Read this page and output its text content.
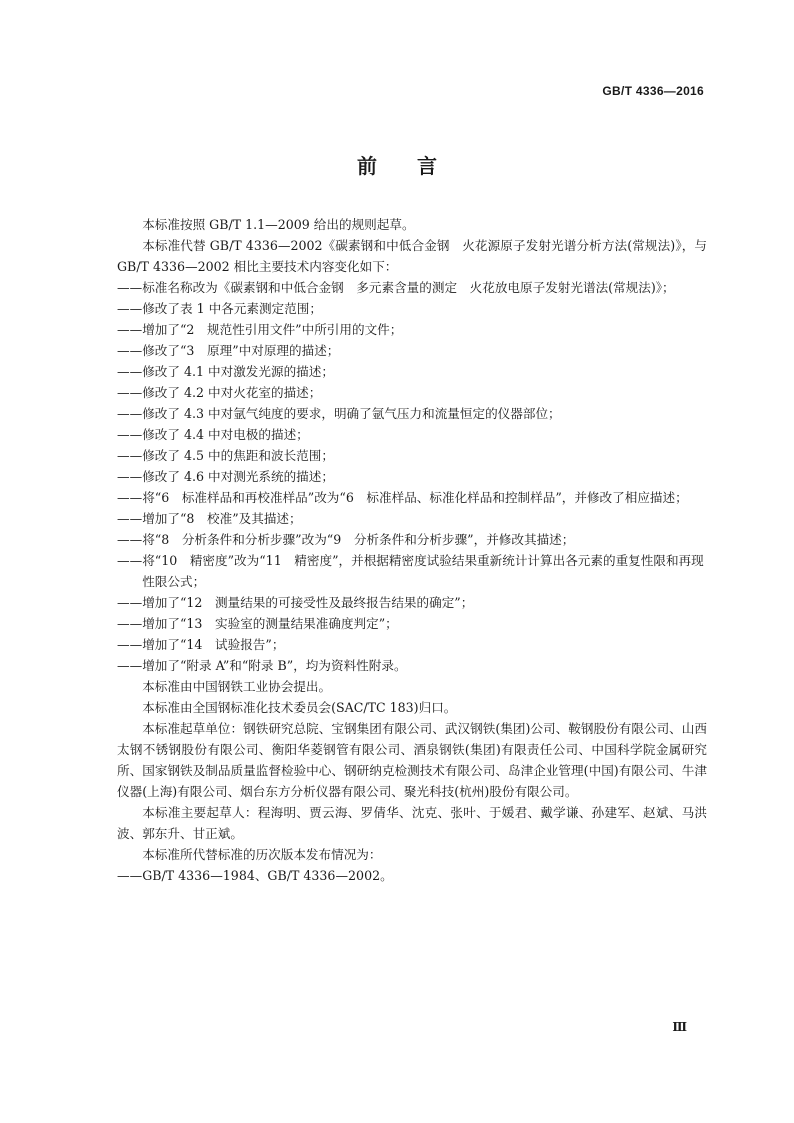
GB/T 4336—2016
前言

本标准按照 GB/T 1.1—2009 给出的规则起草。

本标准代替 GB/T 4336—2002《碳素钢和中低合金钢　火花源原子发射光谱分析方法(常规法)》，与 GB/T 4336—2002 相比主要技术内容变化如下：

—— 标准名称改为《碳素钢和中低合金钢　多元素含量的测定　火花放电原子发射光谱法(常规法)》；

—— 修改了表 1 中各元素测定范围；

—— 增加了“2　规范性引用文件”中所引用的文件；

—— 修改了“3　原理”中对原理的描述；

—— 修改了 4.1 中对激发光源的描述；

—— 修改了 4.2 中对火花室的描述；

—— 修改了 4.3 中对氩气纯度的要求，明确了氩气压力和流量恒定的仪器部位；

—— 修改了 4.4 中对电极的描述；

—— 修改了 4.5 中的焦距和波长范围；

—— 修改了 4.6 中对测光系统的描述；

—— 将“6　标准样品和再校准样品”改为“6　标准样品、标准化样品和控制样品”，并修改了相应描述；

—— 增加了“8　校准”及其描述；

—— 将“8　分析条件和分析步骤”改为“9　分析条件和分析步骤”，并修改其描述；

—— 将“10　精密度”改为“11　精密度”，并根据精密度试验结果重新统计计算出各元素的重复性限和再现性限公式；

—— 增加了“12　测量结果的可接受性及最终报告结果的确定”；

—— 增加了“13　实验室的测量结果准确度判定”；

—— 增加了“14　试验报告”；

—— 增加了“附录 A”和“附录 B”，均为资料性附录。

本标准由中国钢铁工业协会提出。

本标准由全国钢标准化技术委员会(SAC/TC 183)归口。

本标准起草单位：钢铁研究总院、宝钢集团有限公司、武汉钢铁(集团)公司、鞍钢股份有限公司、山西太钢不锈钢股份有限公司、衡阳华菱钢管有限公司、酒泉钢铁(集团)有限责任公司、中国科学院金属研究所、国家钢铁及制品质量监督检验中心、钢研纳克检测技术有限公司、岛津企业管理(中国)有限公司、牛津仪器(上海)有限公司、烟台东方分析仪器有限公司、聚光科技(杭州)股份有限公司。

本标准主要起草人：程海明、贾云海、罗倩华、沈克、张叶、于媛君、戴学谦、孙建军、赵斌、马洪波、郭东升、甘正斌。

本标准所代替标准的历次版本发布情况为：

—— GB/T 4336—1984、GB/T 4336—2002。

Ⅲ
